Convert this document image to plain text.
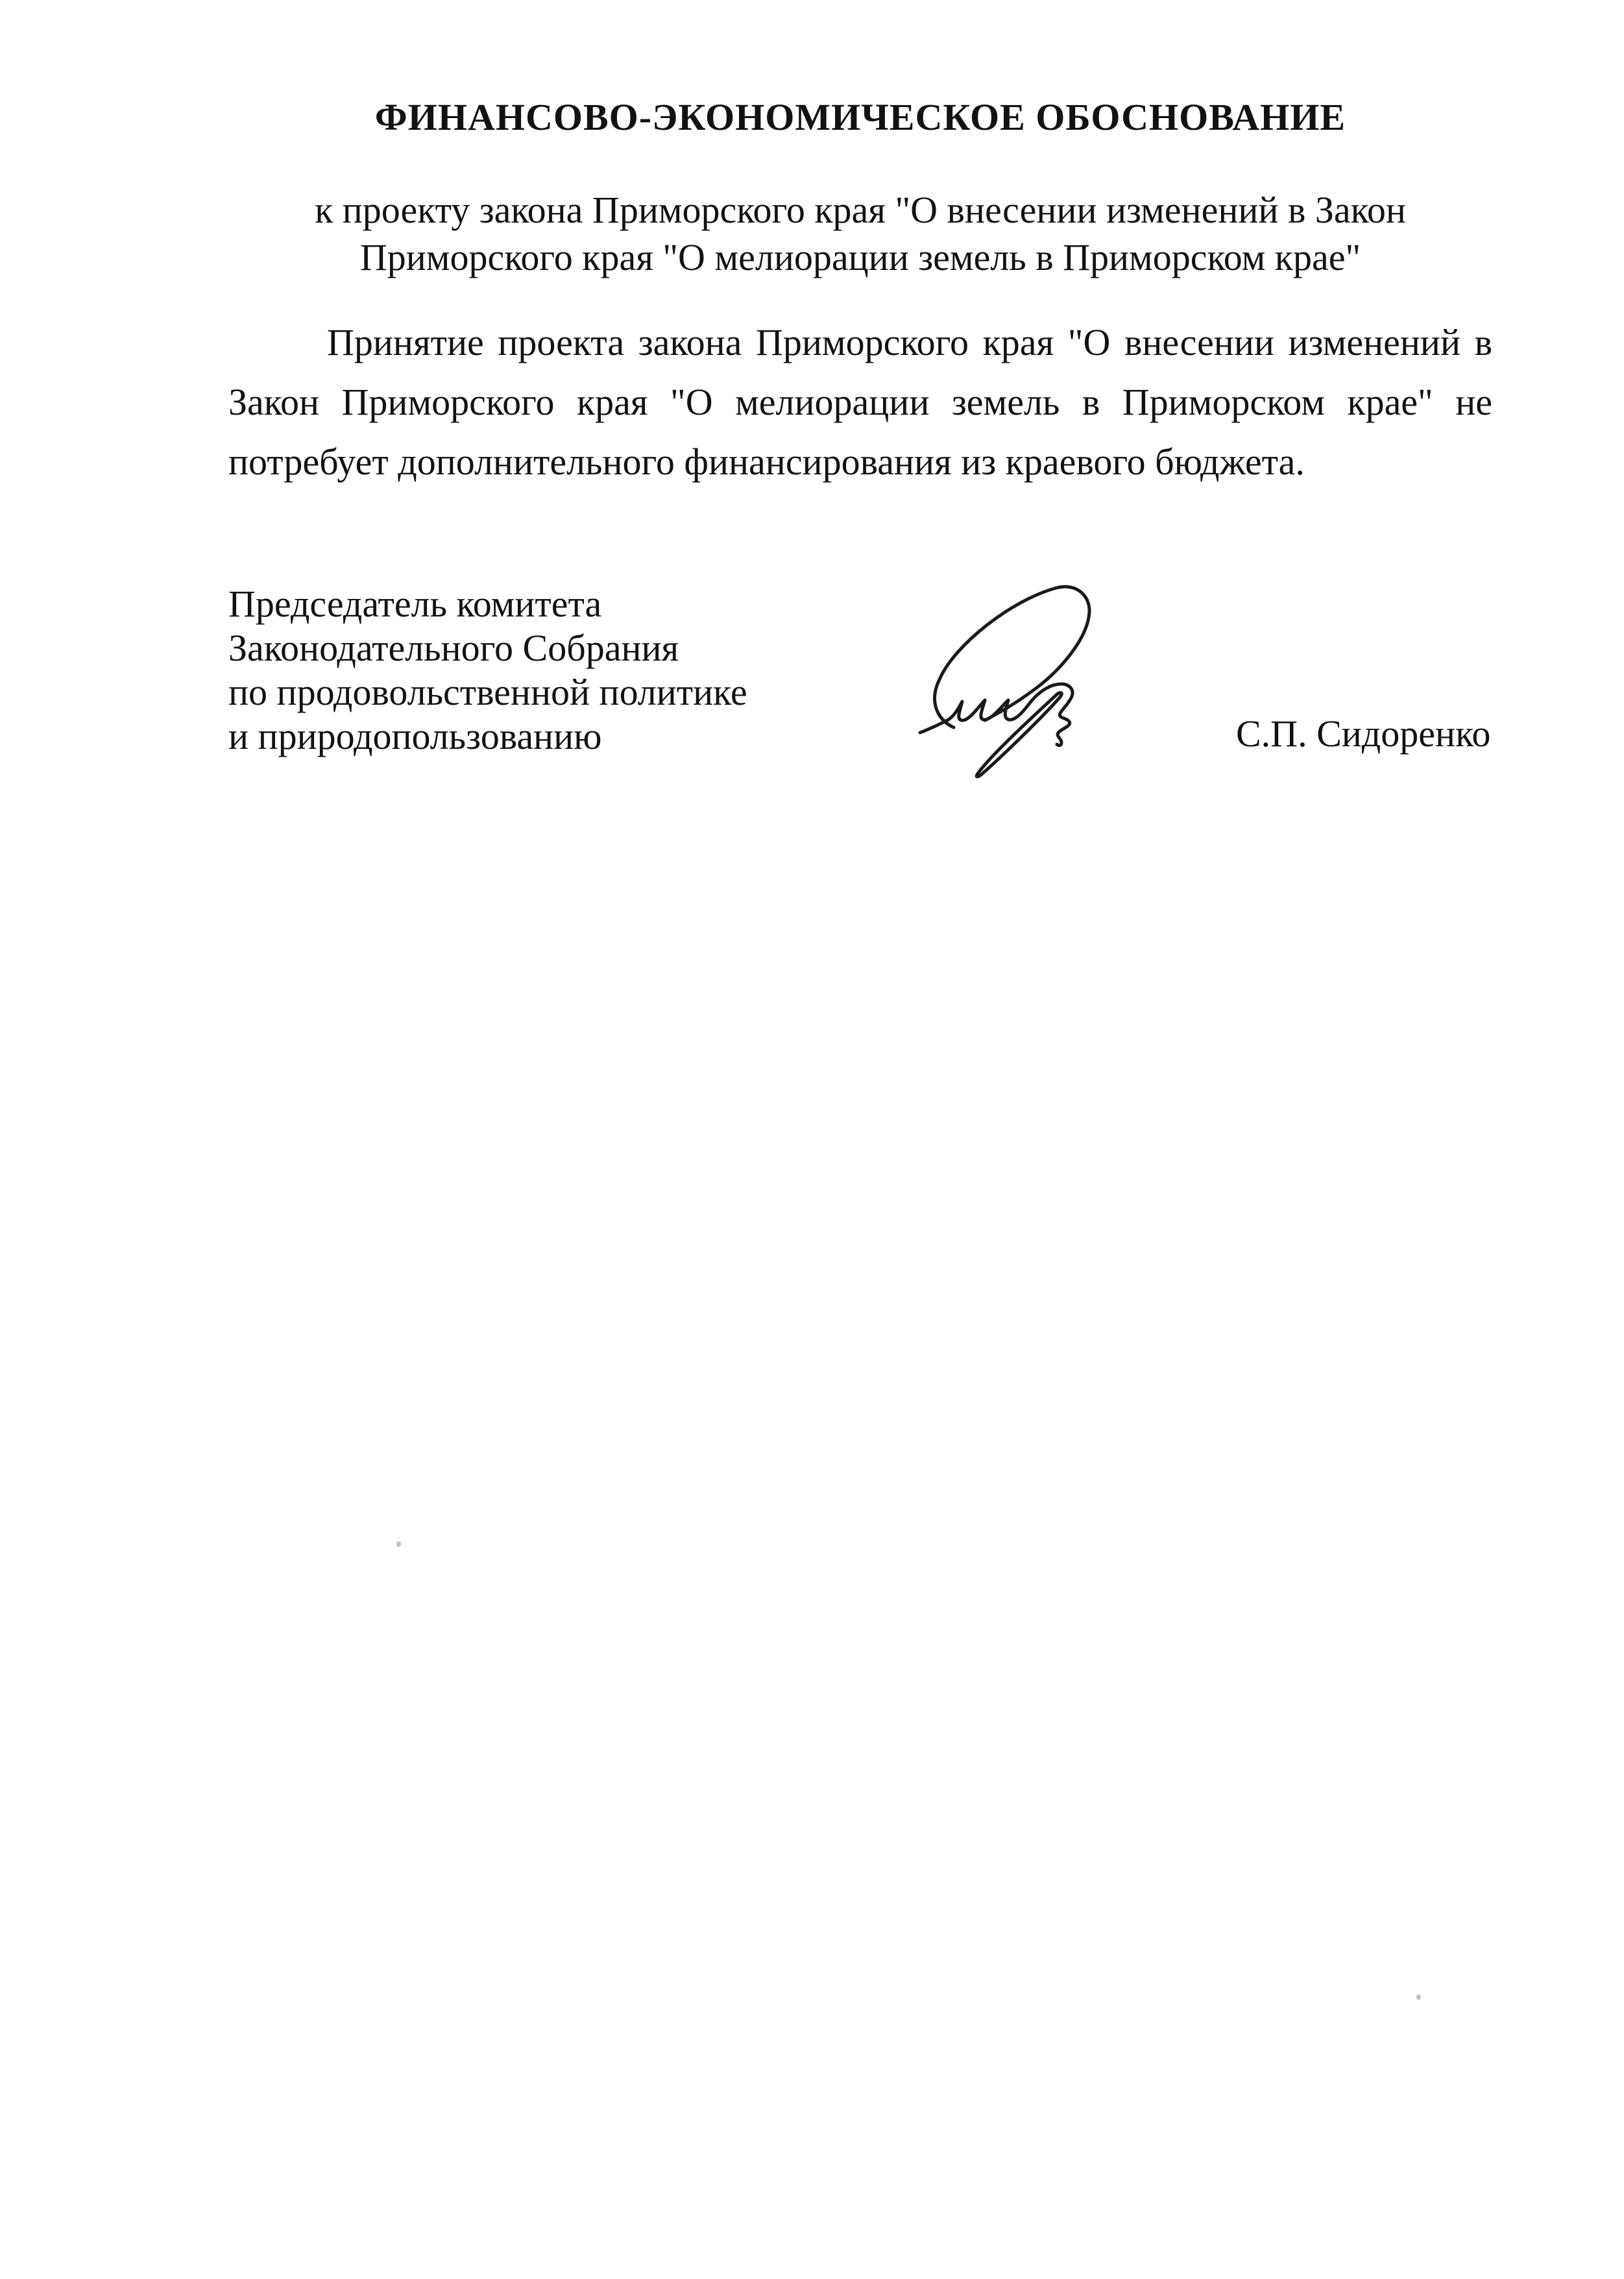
ФИНАНСОВО-ЭКОНОМИЧЕСКОЕ ОБОСНОВАНИЕ
к проекту закона Приморского края "О внесении изменений в Закон
Приморского края "О мелиорации земель в Приморском крае"
Принятие проекта закона Приморского края "О внесении изменений в
Закон Приморского края "О мелиорации земель в Приморском крае" не
потребует дополнительного финансирования из краевого бюджета.
Председатель комитета
Законодательного Собрания
по продовольственной политике
и природопользованию	С.П. Сидоренко
